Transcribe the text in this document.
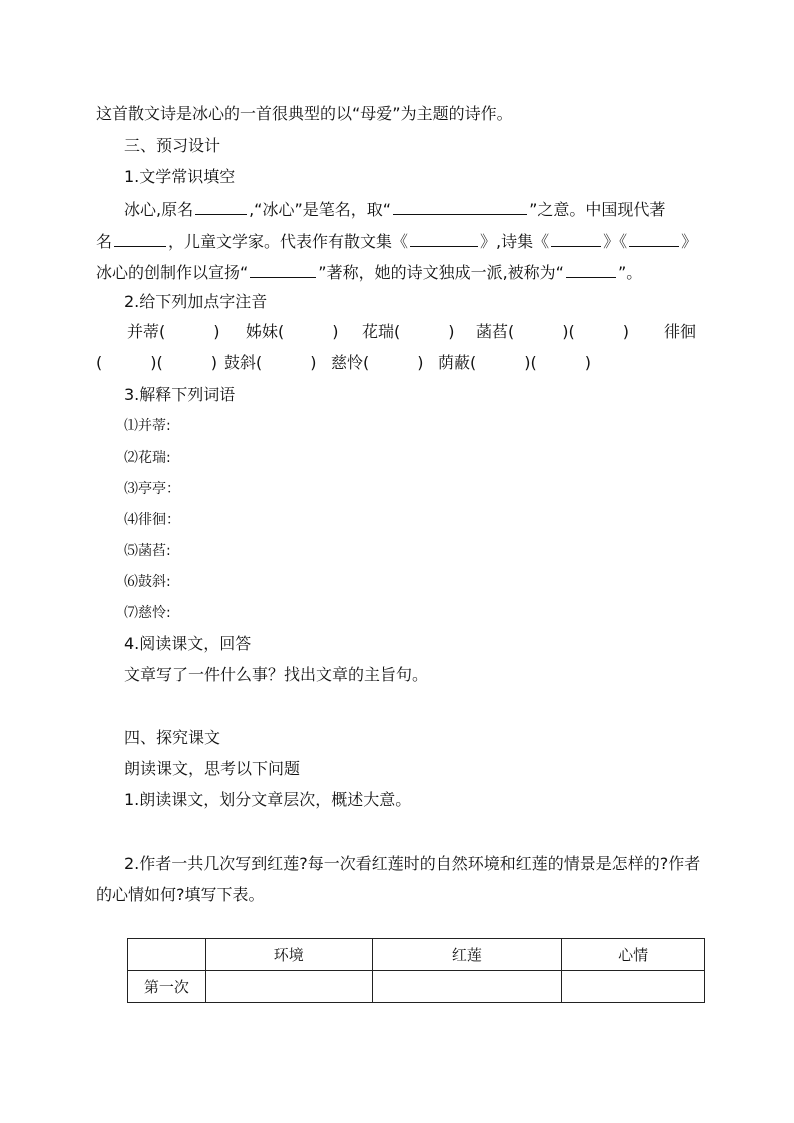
这首散文诗是冰心的一首很典型的以“母爱”为主题的诗作。
三、预习设计
1.文学常识填空
冰心,原名	,“冰心”是笔名，取“	”之意。中国现代著
名	，儿童文学家。代表作有散文集《	》,诗集《	》《	》
冰心的创制作以宣扬“	”著称，她的诗文独成一派,被称为“	”。
2.给下列加点字注音
并蒂(　　　) 姊妹(　　　) 花瑞(　　　) 菡萏(　　　)(　　　) 徘徊
(　　　)(　　　) 鼓斜(　　　) 慈怜(　　　) 荫蔽(　　　)(　　　)
3.解释下列词语
⑴并蒂:
⑵花瑞:
⑶亭亭：
⑷徘徊：
⑸菡萏:
⑹鼓斜:
⑺慈怜:
4.阅读课文，回答
文章写了一件什么事？找出文章的主旨句。
四、探究课文
朗读课文，思考以下问题
1.朗读课文，划分文章层次，概述大意。
2.作者一共几次写到红莲?每一次看红莲时的自然环境和红莲的情景是怎样的?作者
的心情如何?填写下表。
	环境	红莲	心情
第一次			
